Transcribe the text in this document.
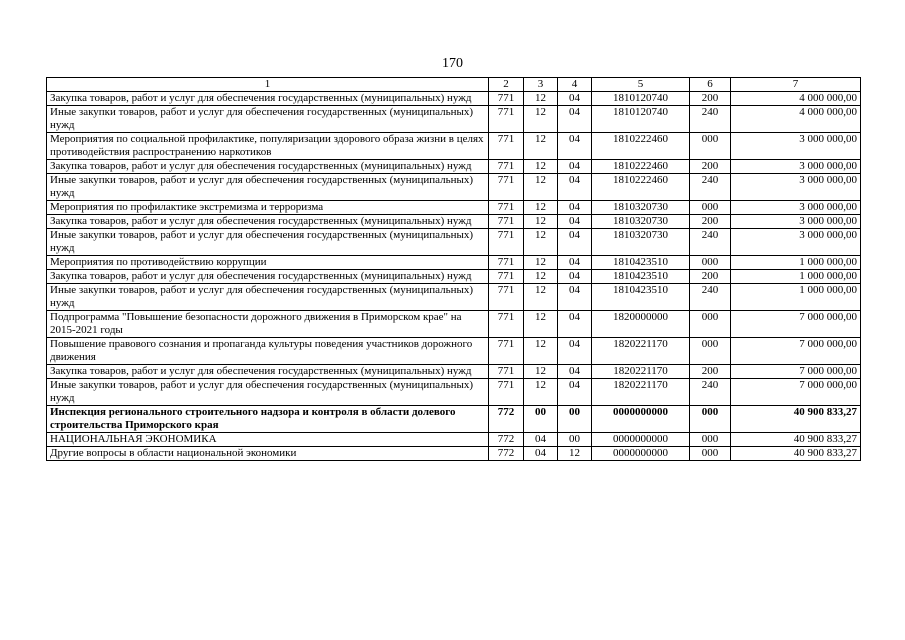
170
1	2	3	4	5	6	7
Закупка товаров, работ и услуг для обеспечения государственных (муниципальных) нужд	771	12	04	1810120740	200	4 000 000,00
Иные закупки товаров, работ и услуг для обеспечения государственных (муниципальных) нужд	771	12	04	1810120740	240	4 000 000,00
Мероприятия по социальной профилактике, популяризации здорового образа жизни в целях противодействия распространению наркотиков	771	12	04	1810222460	000	3 000 000,00
Закупка товаров, работ и услуг для обеспечения государственных (муниципальных) нужд	771	12	04	1810222460	200	3 000 000,00
Иные закупки товаров, работ и услуг для обеспечения государственных (муниципальных) нужд	771	12	04	1810222460	240	3 000 000,00
Мероприятия по профилактике экстремизма и терроризма	771	12	04	1810320730	000	3 000 000,00
Закупка товаров, работ и услуг для обеспечения государственных (муниципальных) нужд	771	12	04	1810320730	200	3 000 000,00
Иные закупки товаров, работ и услуг для обеспечения государственных (муниципальных) нужд	771	12	04	1810320730	240	3 000 000,00
Мероприятия по противодействию коррупции	771	12	04	1810423510	000	1 000 000,00
Закупка товаров, работ и услуг для обеспечения государственных (муниципальных) нужд	771	12	04	1810423510	200	1 000 000,00
Иные закупки товаров, работ и услуг для обеспечения государственных (муниципальных) нужд	771	12	04	1810423510	240	1 000 000,00
Подпрограмма "Повышение безопасности дорожного движения в Приморском крае" на 2015-2021 годы	771	12	04	1820000000	000	7 000 000,00
Повышение правового сознания и пропаганда культуры поведения участников дорожного движения	771	12	04	1820221170	000	7 000 000,00
Закупка товаров, работ и услуг для обеспечения государственных (муниципальных) нужд	771	12	04	1820221170	200	7 000 000,00
Иные закупки товаров, работ и услуг для обеспечения государственных (муниципальных) нужд	771	12	04	1820221170	240	7 000 000,00
Инспекция регионального строительного надзора и контроля в области долевого строительства Приморского края	772	00	00	0000000000	000	40 900 833,27
НАЦИОНАЛЬНАЯ ЭКОНОМИКА	772	04	00	0000000000	000	40 900 833,27
Другие вопросы в области национальной экономики	772	04	12	0000000000	000	40 900 833,27
